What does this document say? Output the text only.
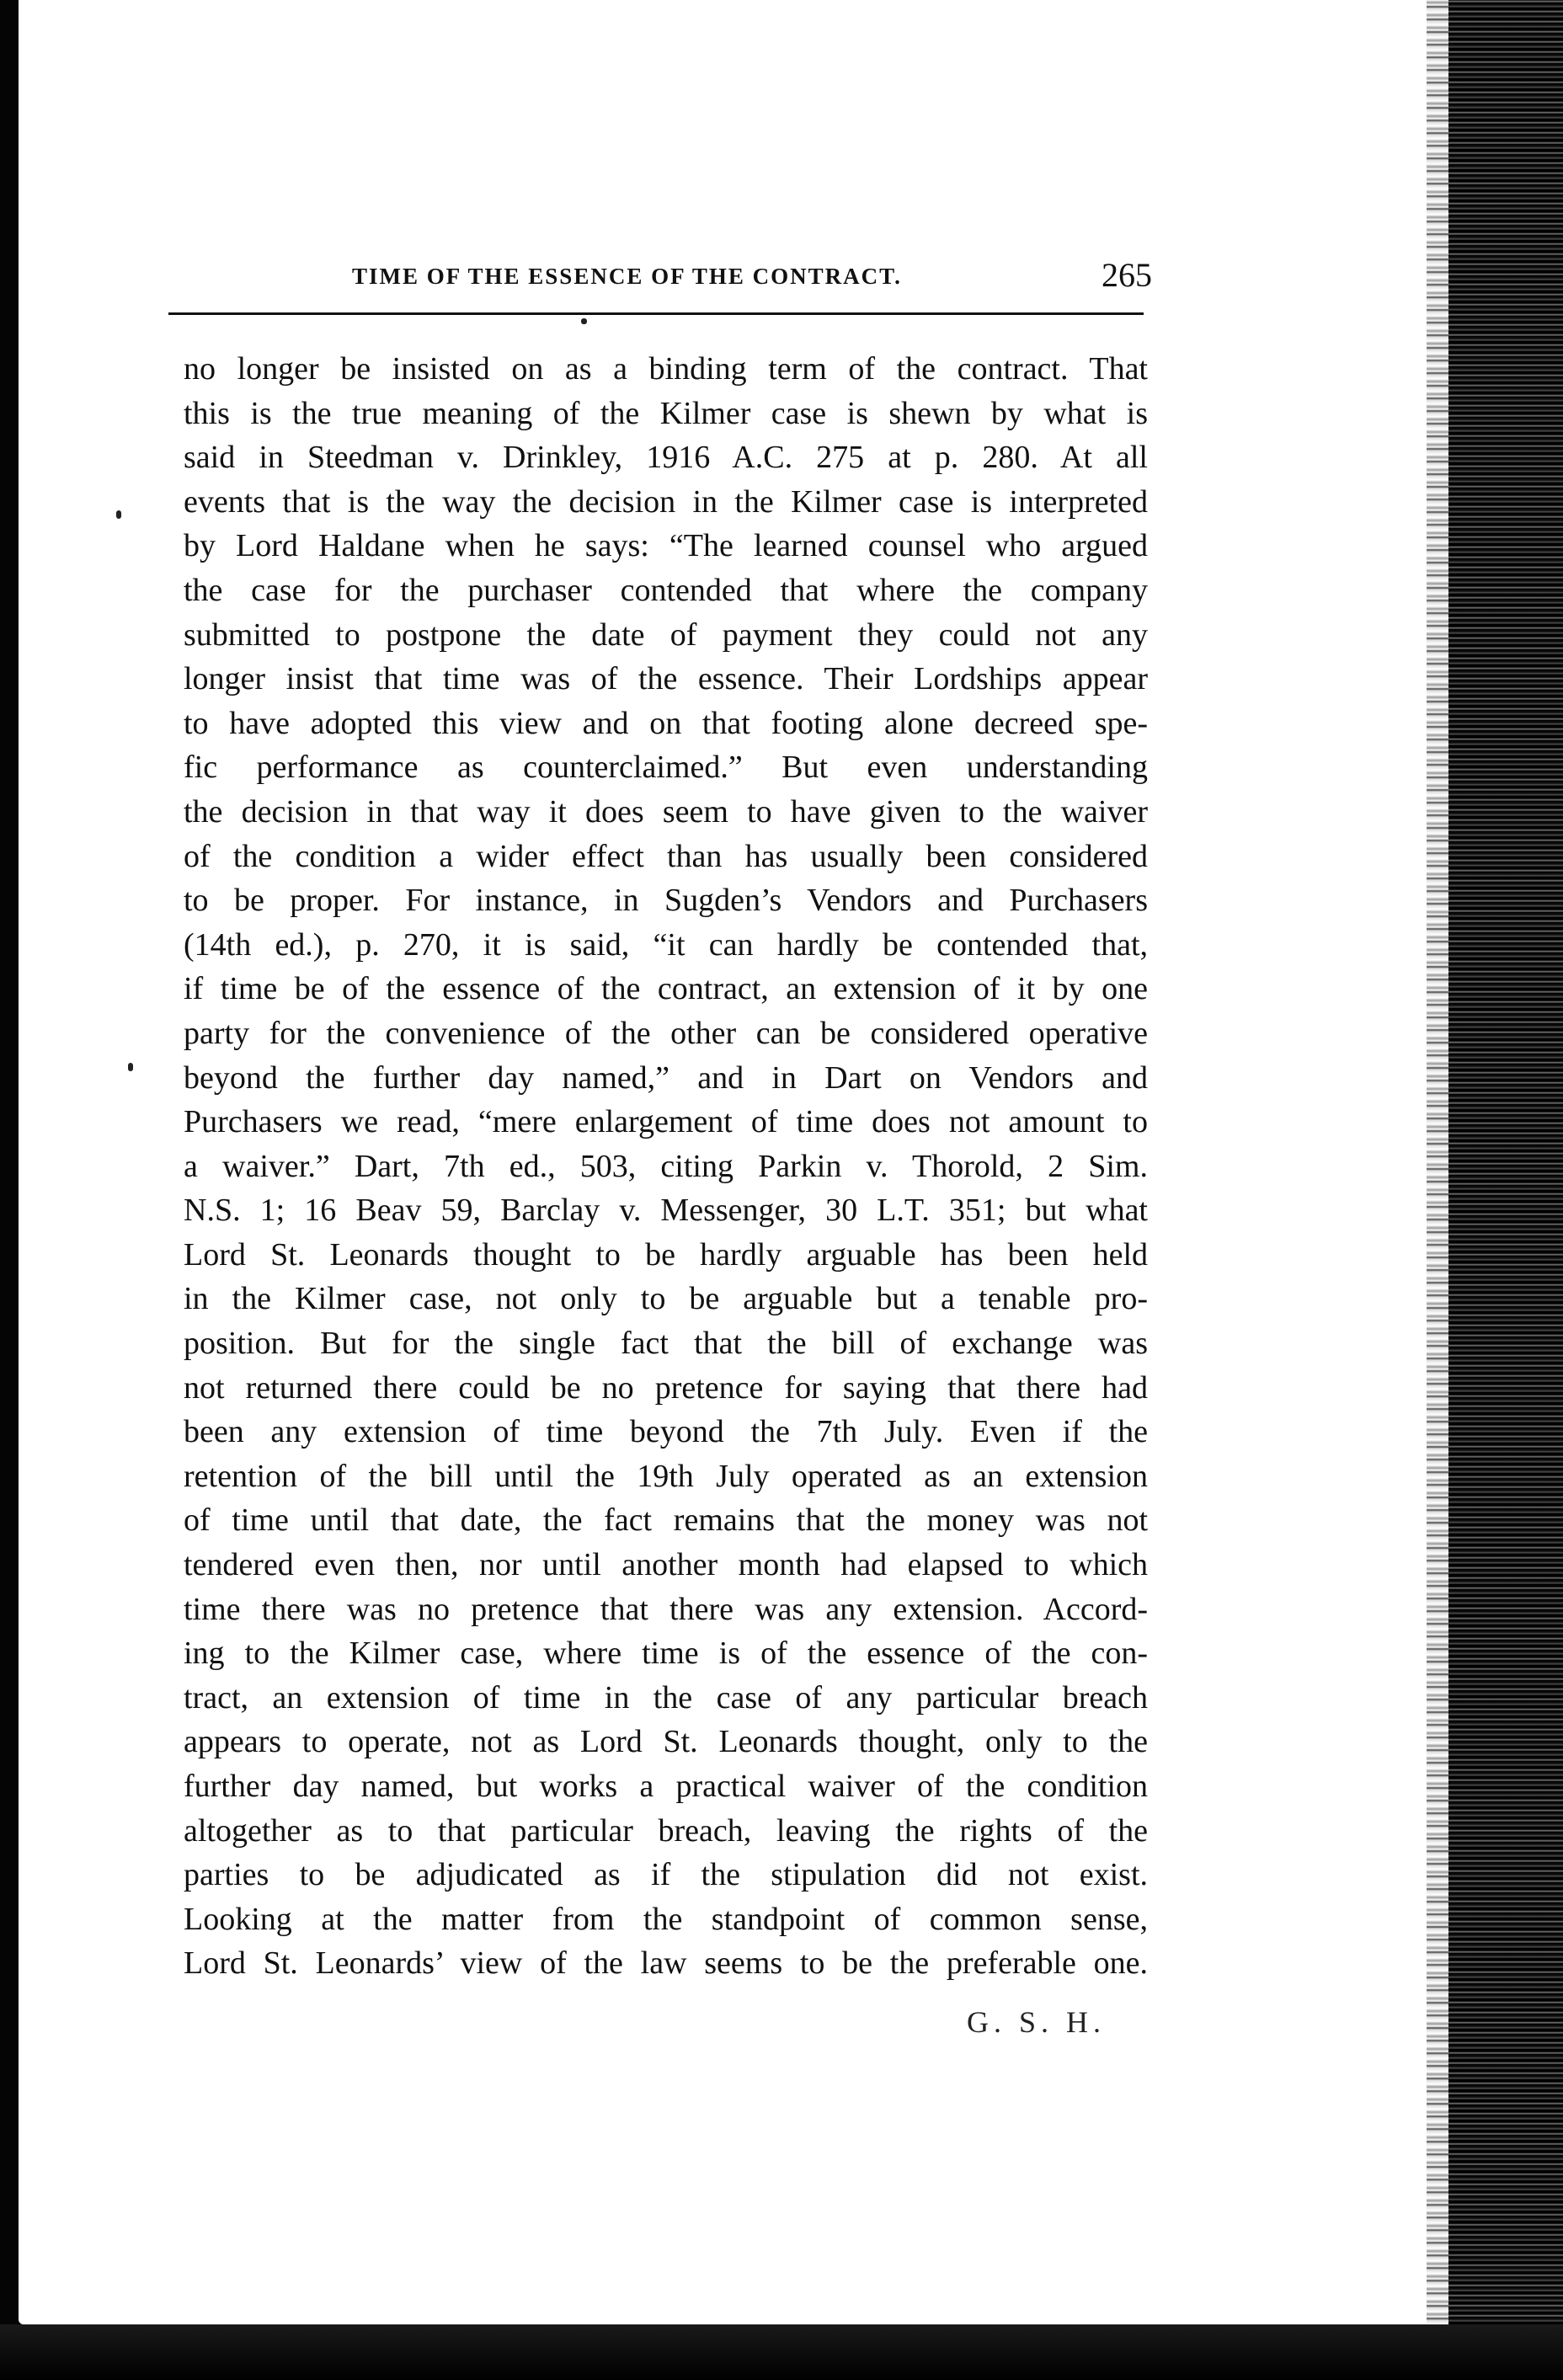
TIME OF THE ESSENCE OF THE CONTRACT.	265
no longer be insisted on as a binding term of the contract. That
this is the true meaning of the Kilmer case is shewn by what is
said in Steedman v. Drinkley, 1916 A.C. 275 at p. 280. At all
events that is the way the decision in the Kilmer case is interpreted
by Lord Haldane when he says: “The learned counsel who argued
the case for the purchaser contended that where the company
submitted to postpone the date of payment they could not any
longer insist that time was of the essence. Their Lordships appear
to have adopted this view and on that footing alone decreed spe-
fic performance as counterclaimed.” But even understanding
the decision in that way it does seem to have given to the waiver
of the condition a wider effect than has usually been considered
to be proper. For instance, in Sugden’s Vendors and Purchasers
(14th ed.), p. 270, it is said, “it can hardly be contended that,
if time be of the essence of the contract, an extension of it by one
party for the convenience of the other can be considered operative
beyond the further day named,” and in Dart on Vendors and
Purchasers we read, “mere enlargement of time does not amount to
a waiver.” Dart, 7th ed., 503, citing Parkin v. Thorold, 2 Sim.
N.S. 1; 16 Beav 59, Barclay v. Messenger, 30 L.T. 351; but what
Lord St. Leonards thought to be hardly arguable has been held
in the Kilmer case, not only to be arguable but a tenable pro-
position. But for the single fact that the bill of exchange was
not returned there could be no pretence for saying that there had
been any extension of time beyond the 7th July. Even if the
retention of the bill until the 19th July operated as an extension
of time until that date, the fact remains that the money was not
tendered even then, nor until another month had elapsed to which
time there was no pretence that there was any extension. Accord-
ing to the Kilmer case, where time is of the essence of the con-
tract, an extension of time in the case of any particular breach
appears to operate, not as Lord St. Leonards thought, only to the
further day named, but works a practical waiver of the condition
altogether as to that particular breach, leaving the rights of the
parties to be adjudicated as if the stipulation did not exist.
Looking at the matter from the standpoint of common sense,
Lord St. Leonards’ view of the law seems to be the preferable one.
G. S. H.
